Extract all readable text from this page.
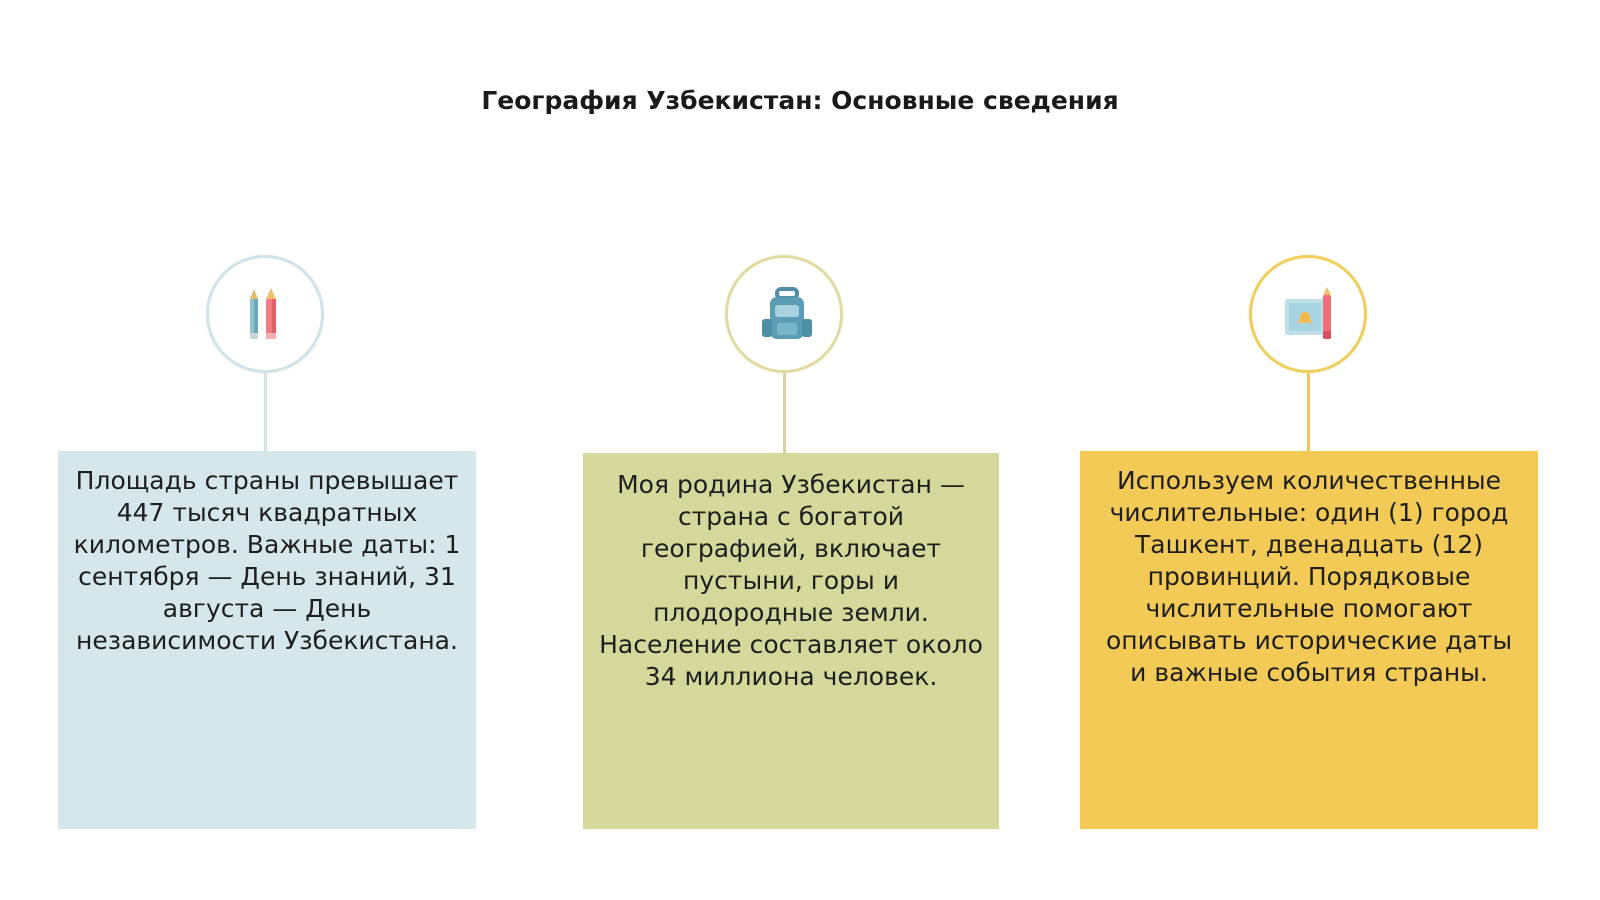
География Узбекистан: Основные сведения
Площадь страны превышает 447 тысяч квадратных километров. Важные даты: 1 сентября — День знаний, 31 августа — День независимости Узбекистана.
Моя родина Узбекистан — страна с богатой географией, включает пустыни, горы и плодородные земли. Население составляет около 34 миллиона человек.
Используем количественные числительные: один (1) город Ташкент, двенадцать (12) провинций. Порядковые числительные помогают описывать исторические даты и важные события страны.
